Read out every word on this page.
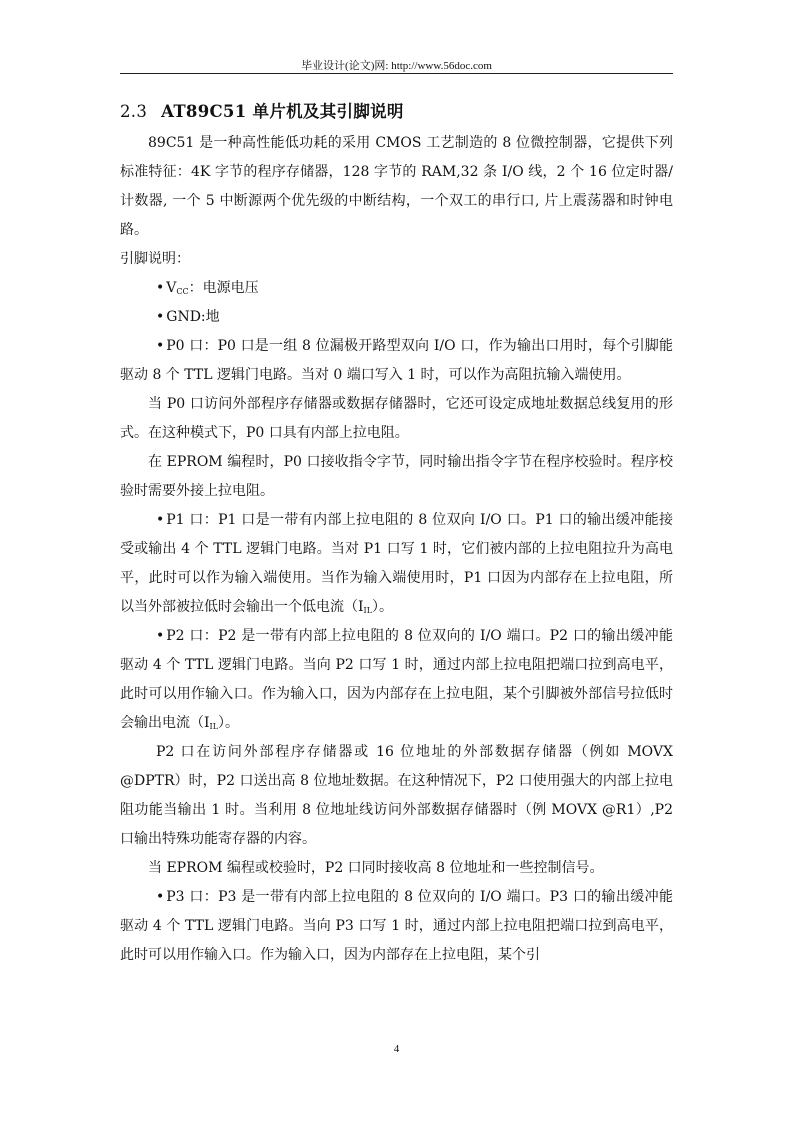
毕业设计(论文)网: http://www.56doc.com
2.3 AT89C51 单片机及其引脚说明

89C51 是一种高性能低功耗的采用 CMOS 工艺制造的 8 位微控制器，它提供下列标准特征：4K 字节的程序存储器，128 字节的 RAM,32 条 I/O 线，2 个 16 位定时器/计数器, 一个 5 中断源两个优先级的中断结构，一个双工的串行口, 片上震荡器和时钟电路。

引脚说明：

• $V_{CC}$：电源电压

• GND:地

• P0 口：P0 口是一组 8 位漏极开路型双向 I/O 口，作为输出口用时，每个引脚能驱动 8 个 TTL 逻辑门电路。当对 0 端口写入 1 时，可以作为高阻抗输入端使用。

当 P0 口访问外部程序存储器或数据存储器时，它还可设定成地址数据总线复用的形式。在这种模式下，P0 口具有内部上拉电阻。

在 EPROM 编程时，P0 口接收指令字节，同时输出指令字节在程序校验时。程序校验时需要外接上拉电阻。

• P1 口：P1 口是一带有内部上拉电阻的 8 位双向 I/O 口。P1 口的输出缓冲能接受或输出 4 个 TTL 逻辑门电路。当对 P1 口写 1 时，它们被内部的上拉电阻拉升为高电平，此时可以作为输入端使用。当作为输入端使用时，P1 口因为内部存在上拉电阻，所以当外部被拉低时会输出一个低电流$(I_{IL})$。

• P2 口：P2 是一带有内部上拉电阻的 8 位双向的 I/O 端口。P2 口的输出缓冲能驱动 4 个 TTL 逻辑门电路。当向 P2 口写 1 时，通过内部上拉电阻把端口拉到高电平，此时可以用作输入口。作为输入口，因为内部存在上拉电阻，某个引脚被外部信号拉低时会输出电流$(I_{IL})$。

P2 口在访问外部程序存储器或 16 位地址的外部数据存储器（例如 MOVX @DPTR）时，P2 口送出高 8 位地址数据。在这种情况下，P2 口使用强大的内部上拉电阻功能当输出 1 时。当利用 8 位地址线访问外部数据存储器时（例 MOVX @R1）,P2 口输出特殊功能寄存器的内容。

当 EPROM 编程或校验时，P2 口同时接收高 8 位地址和一些控制信号。

• P3 口：P3 是一带有内部上拉电阻的 8 位双向的 I/O 端口。P3 口的输出缓冲能驱动 4 个 TTL 逻辑门电路。当向 P3 口写 1 时，通过内部上拉电阻把端口拉到高电平，此时可以用作输入口。作为输入口，因为内部存在上拉电阻，某个引

4
